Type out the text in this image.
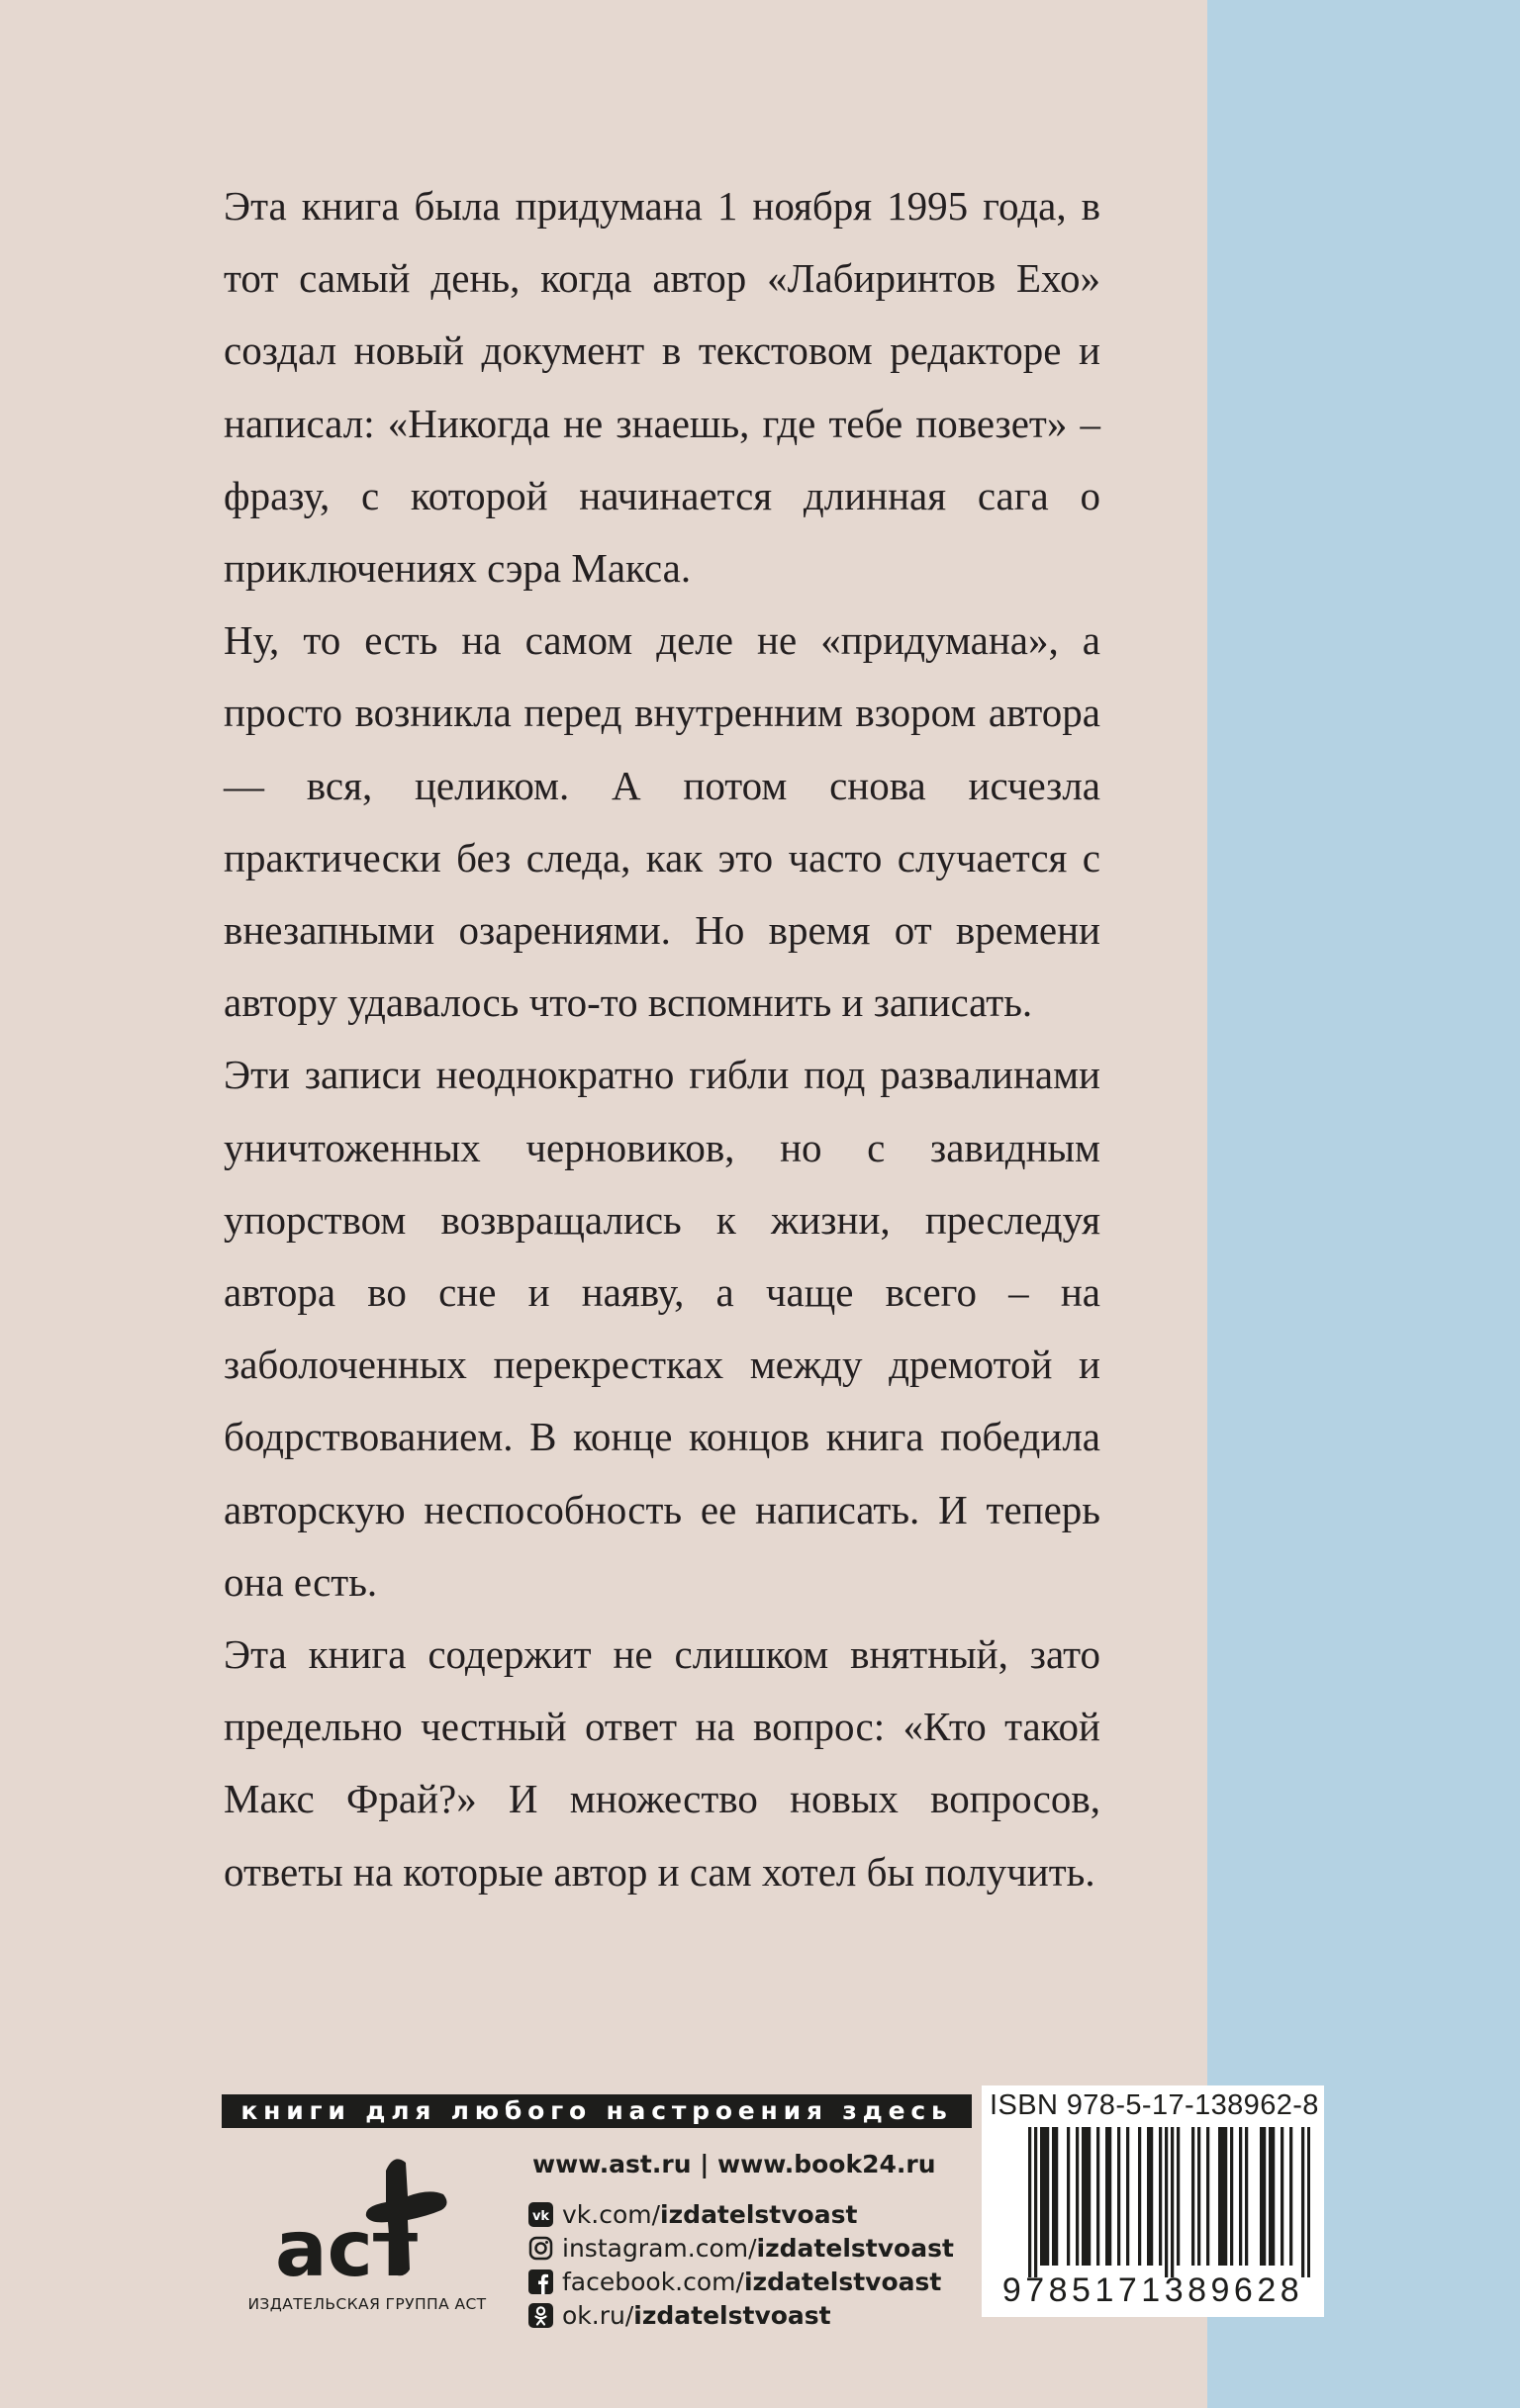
Эта книга была придумана 1 ноября 1995 года, в тот самый день, когда автор «Лабиринтов Ехо» создал новый документ в текстовом редакторе и написал: «Никогда не знаешь, где тебе повезет» – фразу, с которой начинается длинная сага о приключениях сэра Макса.

Ну, то есть на самом деле не «придумана», а просто возникла перед внутренним взором автора — вся, целиком. А потом снова исчезла практически без следа, как это часто случается с внезапными озарениями. Но время от времени автору удавалось что-то вспомнить и записать.

Эти записи неоднократно гибли под развалинами уничтоженных черновиков, но с завидным упорством возвращались к жизни, преследуя автора во сне и наяву, а чаще всего – на заболоченных перекрестках между дремотой и бодрствованием. В конце концов книга победила авторскую неспособность ее написать. И теперь она есть.

Эта книга содержит не слишком внятный, зато предельно честный ответ на вопрос: «Кто такой Макс Фрай?» И множество новых вопросов, ответы на которые автор и сам хотел бы получить.

книги для любого настроения здесь
аст
ИЗДАТЕЛЬСКАЯ ГРУППА АСТ
www.ast.ru | www.book24.ru
vk vk.com/ izdatelstvoast
instagram.com/ izdatelstvoast
facebook.com/ izdatelstvoast
ok.ru/ izdatelstvoast
ISBN 978-5-17-138962-8
9785171389628
